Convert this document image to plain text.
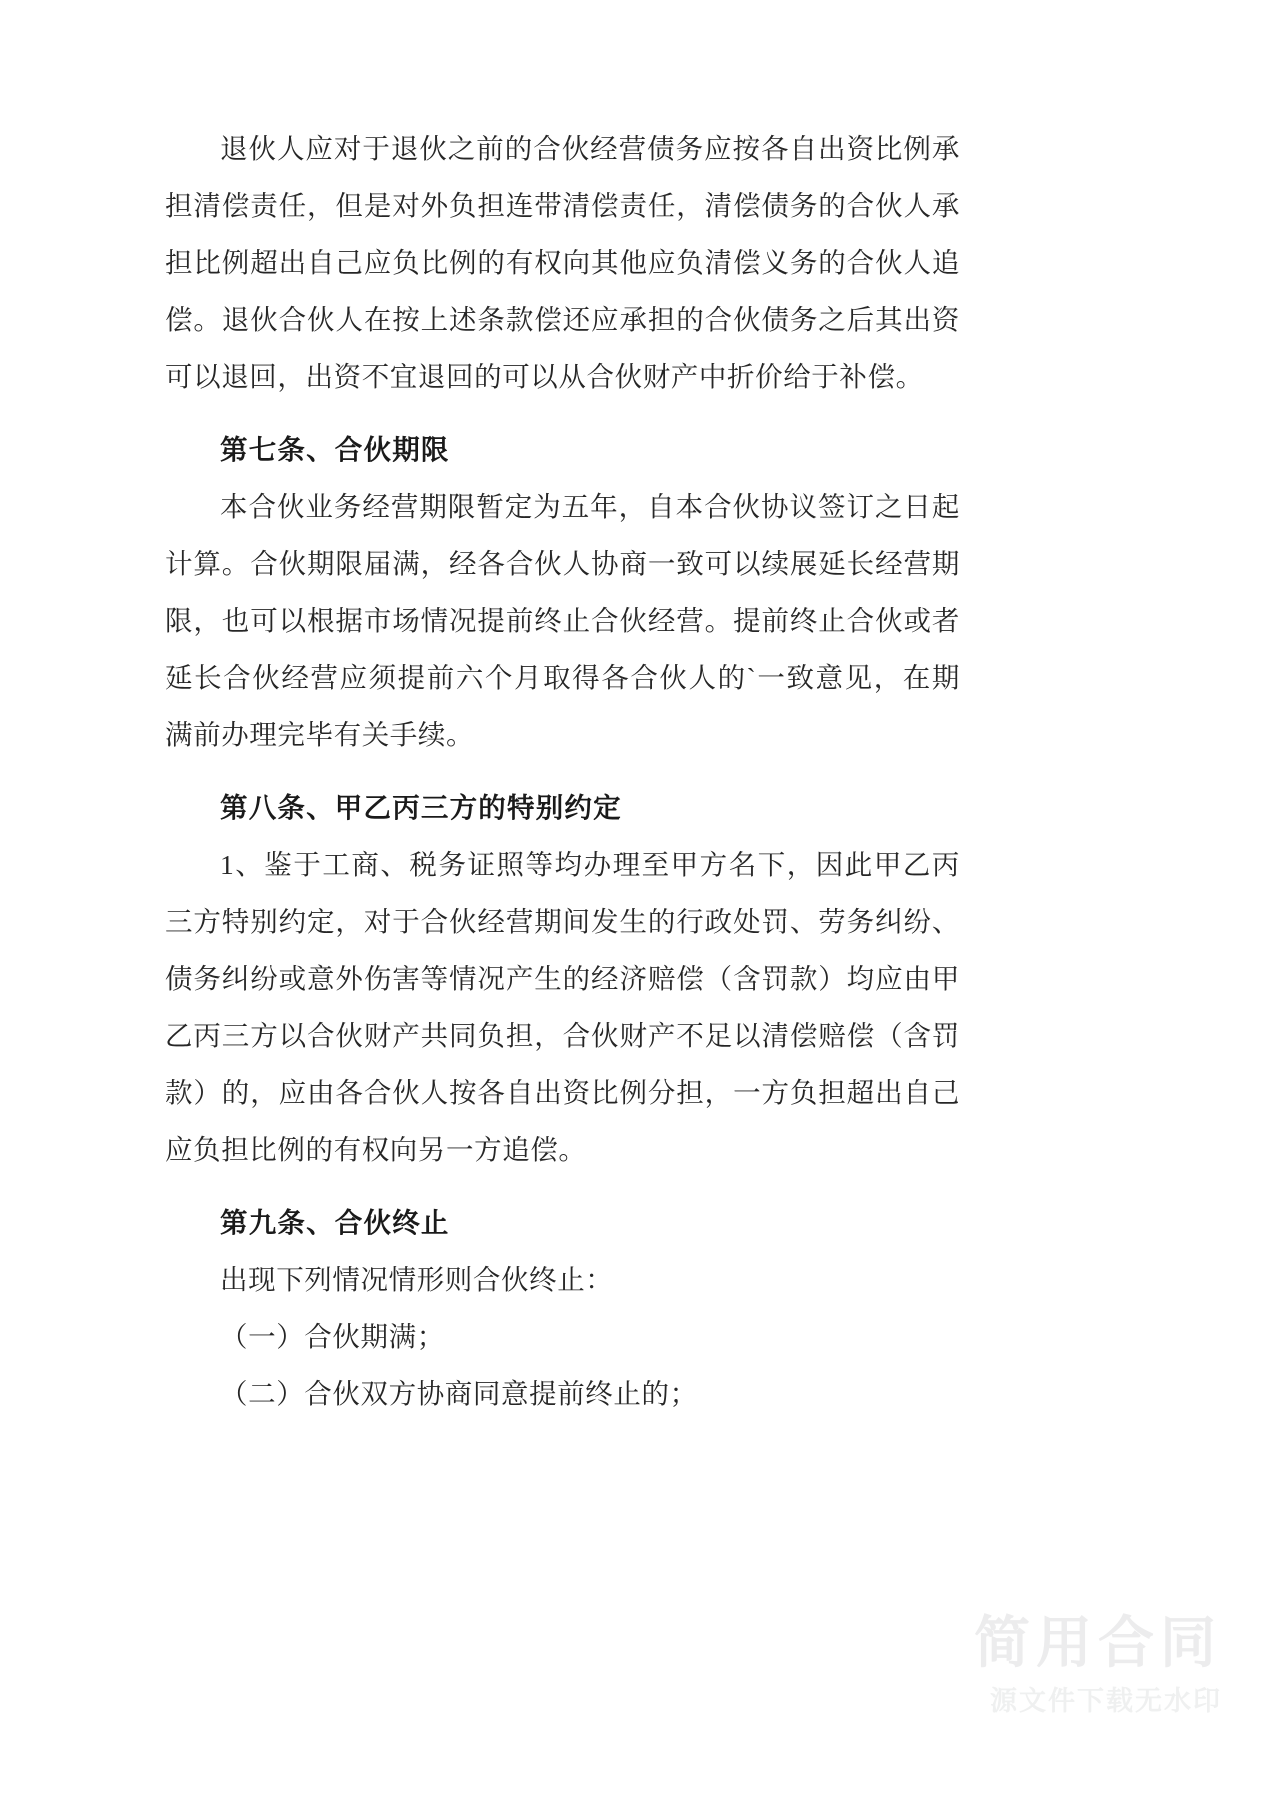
退伙人应对于退伙之前的合伙经营债务应按各自出资比例承担清偿责任，但是对外负担连带清偿责任，清偿债务的合伙人承担比例超出自己应负比例的有权向其他应负清偿义务的合伙人追偿。退伙合伙人在按上述条款偿还应承担的合伙债务之后其出资可以退回，出资不宜退回的可以从合伙财产中折价给于补偿。

第七条、合伙期限

本合伙业务经营期限暂定为五年，自本合伙协议签订之日起计算。合伙期限届满，经各合伙人协商一致可以续展延长经营期限，也可以根据市场情况提前终止合伙经营。提前终止合伙或者延长合伙经营应须提前六个月取得各合伙人的`一致意见，在期满前办理完毕有关手续。

第八条、甲乙丙三方的特别约定

1、鉴于工商、税务证照等均办理至甲方名下，因此甲乙丙三方特别约定，对于合伙经营期间发生的行政处罚、劳务纠纷、债务纠纷或意外伤害等情况产生的经济赔偿（含罚款）均应由甲乙丙三方以合伙财产共同负担，合伙财产不足以清偿赔偿（含罚款）的，应由各合伙人按各自出资比例分担，一方负担超出自己应负担比例的有权向另一方追偿。

第九条、合伙终止

出现下列情况情形则合伙终止：

（一）合伙期满；

（二）合伙双方协商同意提前终止的；

简用合同
源文件下载无水印
